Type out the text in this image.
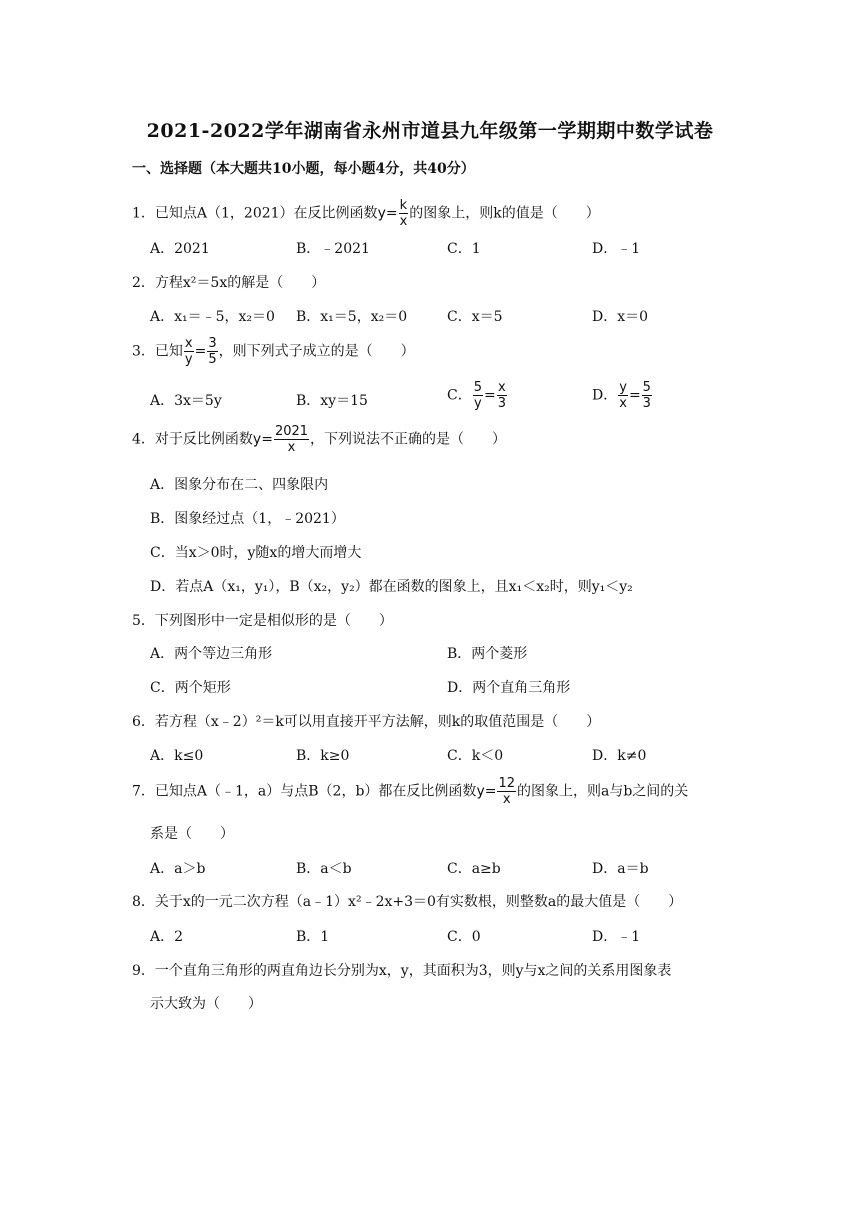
2021-2022学年湖南省永州市道县九年级第一学期期中数学试卷
一、选择题（本大题共10小题，每小题4分，共40分）
1．已知点A（1，2021）在反比例函数$y= \frac{k}{x}$ 的图象上，则k的值是（　　）
A．2021	B．﹣2021	C．1	D．﹣1
2．方程x²＝5x的解是（　　）
A．x₁＝﹣5，x₂＝0 B．x₁＝5，x₂＝0	C．x＝5	D．x＝0
3．已知 $\frac{x}{y} = \frac{3}{5}$ ，则下列式子成立的是（　　）
A．3x＝5y	B．xy＝15	C． $\frac{5}{y} = \frac{x}{3}$	D． $\frac{y}{x} = \frac{5}{3}$
4．对于反比例函数$y= \frac{2021}{x}$ ，下列说法不正确的是（　　）
A．图象分布在二、四象限内
B．图象经过点（1，﹣2021）
C．当x＞0时，y随x的增大而增大
D．若点A（x₁，y₁），B（x₂，y₂）都在函数的图象上，且x₁＜x₂时，则y₁＜y₂
5．下列图形中一定是相似形的是（　　）
A．两个等边三角形	B．两个菱形
C．两个矩形	D．两个直角三角形
6．若方程（x﹣2）²＝k可以用直接开平方法解，则k的取值范围是（　　）
A．k≤0	B．k≥0	C．k＜0	D．k≠0
7．已知点A（﹣1，a）与点B（2，b）都在反比例函数$y= \frac{12}{x}$ 的图象上，则a与b之间的关
系是（　　）
A．a＞b	B．a＜b	C．a≥b	D．a＝b
8．关于x的一元二次方程（a﹣1）x²﹣2x+3＝0有实数根，则整数a的最大值是（　　）
A．2	B．1	C．0	D．﹣1
9．一个直角三角形的两直角边长分别为x，y，其面积为3，则y与x之间的关系用图象表
示大致为（　　）
